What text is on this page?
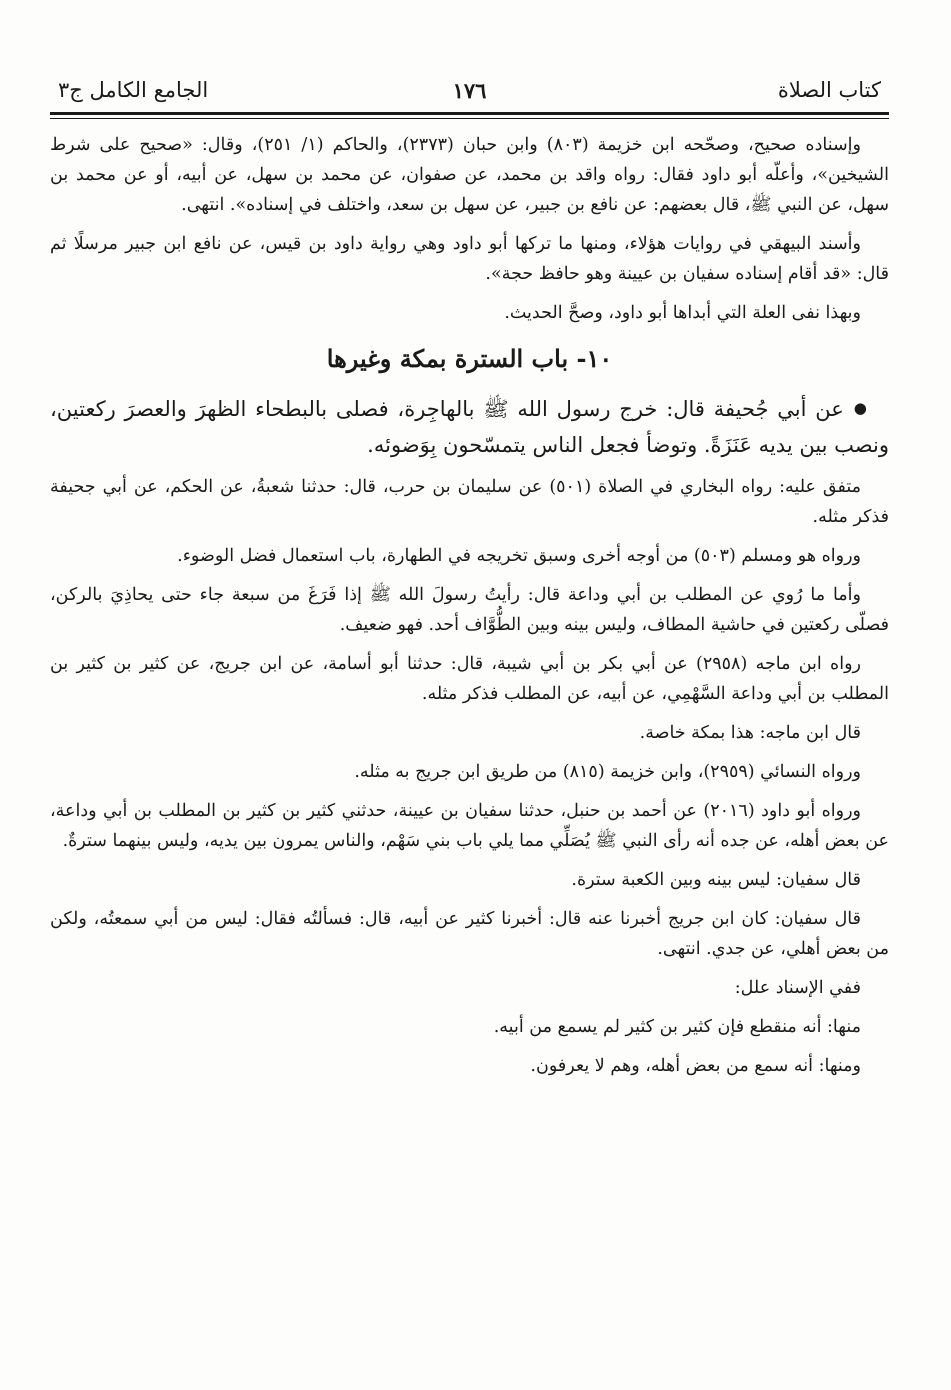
كتاب الصلاة
١٧٦
الجامع الكامل ج٣

وإسناده صحيح، وصحّحه ابن خزيمة (٨٠٣) وابن حبان (٢٣٧٣)، والحاكم (١/ ٢٥١)، وقال: «صحيح على شرط الشيخين»، وأعلّه أبو داود فقال: رواه واقد بن محمد، عن صفوان، عن محمد بن سهل، عن أبيه، أو عن محمد بن سهل، عن النبي ﷺ، قال بعضهم: عن نافع بن جبير، عن سهل بن سعد، واختلف في إسناده». انتهى.

وأسند البيهقي في روايات هؤلاء، ومنها ما تركها أبو داود وهي رواية داود بن قيس، عن نافع ابن جبير مرسلًا ثم قال: «قد أقام إسناده سفيان بن عيينة وهو حافظ حجة».

وبهذا نفى العلة التي أبداها أبو داود، وصحَّ الحديث.

١٠- باب السترة بمكة وغيرها

● عن أبي جُحيفة قال: خرج رسول الله ﷺ بالهاجِرة، فصلى بالبطحاء الظهرَ والعصرَ ركعتين، ونصب بين يديه عَنَزَةً. وتوضأ فجعل الناس يتمسّحون بِوَضوئه.

متفق عليه: رواه البخاري في الصلاة (٥٠١) عن سليمان بن حرب، قال: حدثنا شعبةُ، عن الحكم، عن أبي جحيفة فذكر مثله.

ورواه هو ومسلم (٥٠٣) من أوجه أخرى وسبق تخريجه في الطهارة، باب استعمال فضل الوضوء.

وأما ما رُوي عن المطلب بن أبي وداعة قال: رأيتُ رسولَ الله ﷺ إذا فَرَغَ من سبعة جاء حتى يحاذِيَ بالركن، فصلّى ركعتين في حاشية المطاف، وليس بينه وبين الطُّوَّاف أحد. فهو ضعيف.

رواه ابن ماجه (٢٩٥٨) عن أبي بكر بن أبي شيبة، قال: حدثنا أبو أسامة، عن ابن جريج، عن كثير بن كثير بن المطلب بن أبي وداعة السَّهْمِي، عن أبيه، عن المطلب فذكر مثله.

قال ابن ماجه: هذا بمكة خاصة.

ورواه النسائي (٢٩٥٩)، وابن خزيمة (٨١٥) من طريق ابن جريج به مثله.

ورواه أبو داود (٢٠١٦) عن أحمد بن حنبل، حدثنا سفيان بن عيينة، حدثني كثير بن كثير بن المطلب بن أبي وداعة، عن بعض أهله، عن جده أنه رأى النبي ﷺ يُصَلِّي مما يلي باب بني سَهْم، والناس يمرون بين يديه، وليس بينهما سترةٌ.

قال سفيان: ليس بينه وبين الكعبة سترة.

قال سفيان: كان ابن جريج أخبرنا عنه قال: أخبرنا كثير عن أبيه، قال: فسألتُه فقال: ليس من أبي سمعتُه، ولكن من بعض أهلي، عن جدي. انتهى.

ففي الإسناد علل:

منها: أنه منقطع فإن كثير بن كثير لم يسمع من أبيه.

ومنها: أنه سمع من بعض أهله، وهم لا يعرفون.
